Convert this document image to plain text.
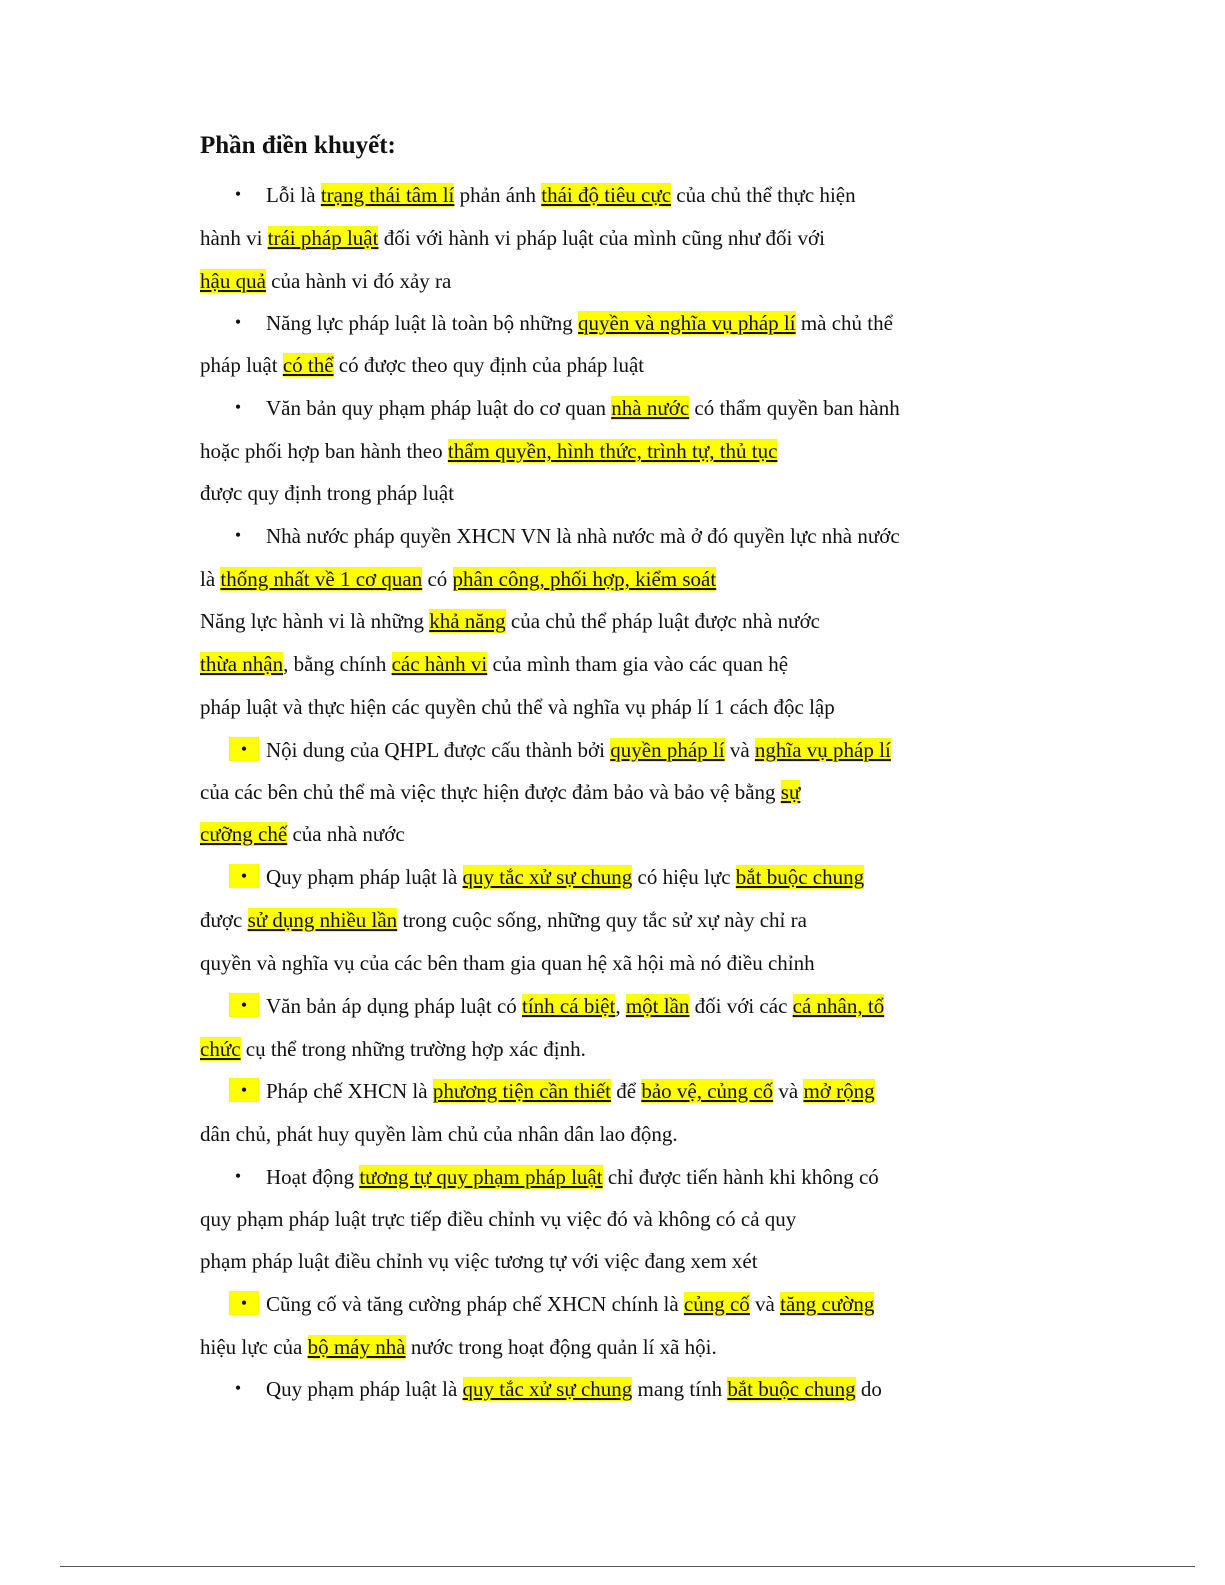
Phần điền khuyết:
•	Lỗi là trạng thái tâm lí phản ánh thái độ tiêu cực của chủ thể thực hiện
hành vi trái pháp luật đối với hành vi pháp luật của mình cũng như đối với
hậu quả của hành vi đó xảy ra
•	Năng lực pháp luật là toàn bộ những quyền và nghĩa vụ pháp lí mà chủ thể
pháp luật có thể có được theo quy định của pháp luật
•	Văn bản quy phạm pháp luật do cơ quan nhà nước có thẩm quyền ban hành
hoặc phối hợp ban hành theo thẩm quyền, hình thức, trình tự, thủ tục
được quy định trong pháp luật
•	Nhà nước pháp quyền XHCN VN là nhà nước mà ở đó quyền lực nhà nước
là thống nhất về 1 cơ quan có phân công, phối hợp, kiểm soát
Năng lực hành vi là những khả năng của chủ thể pháp luật được nhà nước
thừa nhận, bằng chính các hành vi của mình tham gia vào các quan hệ
pháp luật và thực hiện các quyền chủ thể và nghĩa vụ pháp lí 1 cách độc lập
• Nội dung của QHPL được cấu thành bởi quyền pháp lí và nghĩa vụ pháp lí
của các bên chủ thể mà việc thực hiện được đảm bảo và bảo vệ bằng sự
cưỡng chế của nhà nước
• Quy phạm pháp luật là quy tắc xử sự chung có hiệu lực bắt buộc chung
được sử dụng nhiều lần trong cuộc sống, những quy tắc sử xự này chỉ ra
quyền và nghĩa vụ của các bên tham gia quan hệ xã hội mà nó điều chỉnh
• Văn bản áp dụng pháp luật có tính cá biệt, một lần đối với các cá nhân, tổ
chức cụ thể trong những trường hợp xác định.
• Pháp chế XHCN là phương tiện cần thiết để bảo vệ, củng cố và mở rộng
dân chủ, phát huy quyền làm chủ của nhân dân lao động.
•	Hoạt động tương tự quy phạm pháp luật chỉ được tiến hành khi không có
quy phạm pháp luật trực tiếp điều chỉnh vụ việc đó và không có cả quy
phạm pháp luật điều chỉnh vụ việc tương tự với việc đang xem xét
• Cũng cố và tăng cường pháp chế XHCN chính là củng cố và tăng cường
hiệu lực của bộ máy nhà nước trong hoạt động quản lí xã hội.
•	Quy phạm pháp luật là quy tắc xử sự chung mang tính bắt buộc chung do
